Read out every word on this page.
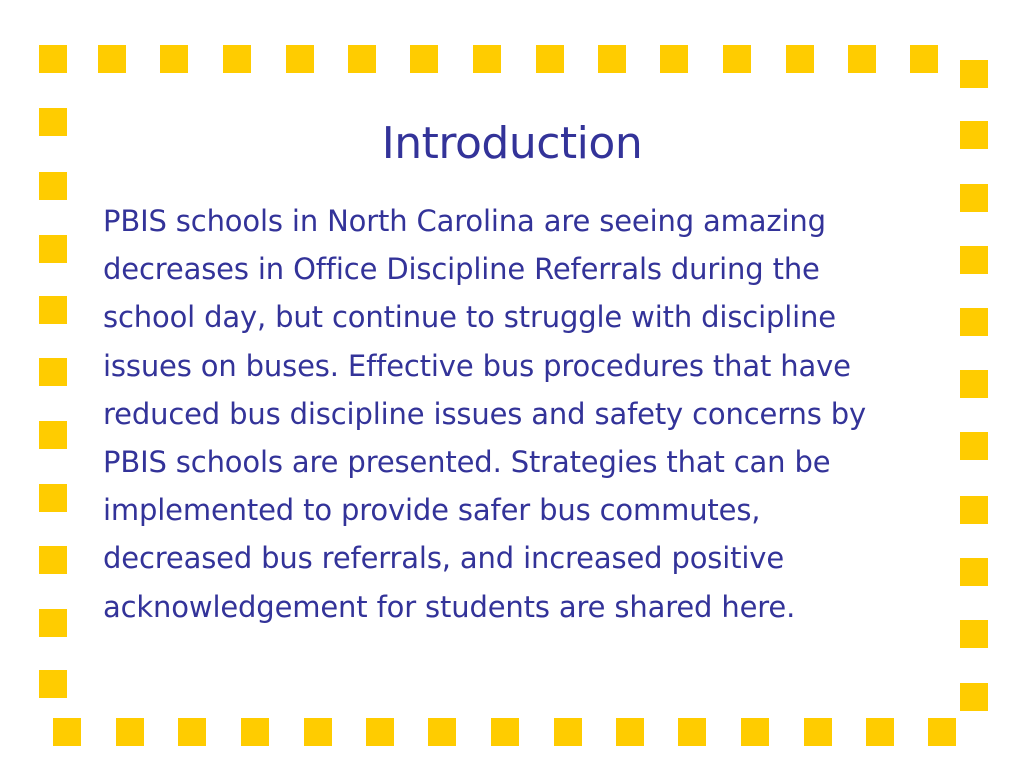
Introduction

PBIS schools in North Carolina are seeing amazing
decreases in Office Discipline Referrals during the
school day, but continue to struggle with discipline
issues on buses. Effective bus procedures that have
reduced bus discipline issues and safety concerns by
PBIS schools are presented. Strategies that can be
implemented to provide safer bus commutes,
decreased bus referrals, and increased positive
acknowledgement for students are shared here.
